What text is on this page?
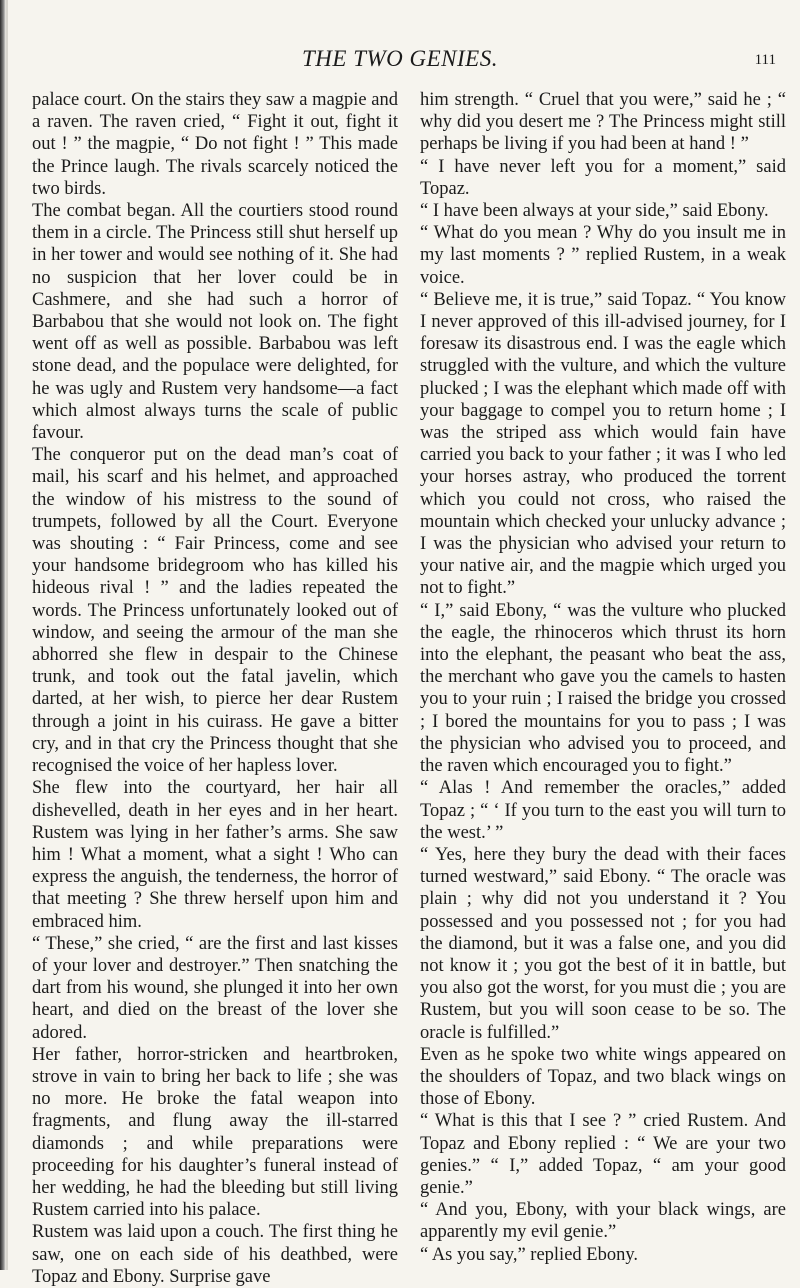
THE TWO GENIES.	111

palace court. On the stairs they saw a magpie and a raven. The raven cried, “ Fight it out, fight it out ! ” the magpie, “ Do not fight ! ” This made the Prince laugh. The rivals scarcely noticed the two birds.

The combat began. All the courtiers stood round them in a circle. The Princess still shut herself up in her tower and would see nothing of it. She had no suspicion that her lover could be in Cashmere, and she had such a horror of Barbabou that she would not look on. The fight went off as well as possible. Barbabou was left stone dead, and the populace were delighted, for he was ugly and Rustem very handsome—a fact which almost always turns the scale of public favour.

The conqueror put on the dead man’s coat of mail, his scarf and his helmet, and approached the window of his mistress to the sound of trumpets, followed by all the Court. Everyone was shouting : “ Fair Princess, come and see your handsome bridegroom who has killed his hideous rival ! ” and the ladies repeated the words. The Princess unfortunately looked out of window, and seeing the armour of the man she abhorred she flew in despair to the Chinese trunk, and took out the fatal javelin, which darted, at her wish, to pierce her dear Rustem through a joint in his cuirass. He gave a bitter cry, and in that cry the Princess thought that she recognised the voice of her hapless lover.

She flew into the courtyard, her hair all dishevelled, death in her eyes and in her heart. Rustem was lying in her father’s arms. She saw him ! What a moment, what a sight ! Who can express the anguish, the tenderness, the horror of that meeting ? She threw herself upon him and embraced him.

“ These,” she cried, “ are the first and last kisses of your lover and destroyer.” Then snatching the dart from his wound, she plunged it into her own heart, and died on the breast of the lover she adored.

Her father, horror-stricken and heartbroken, strove in vain to bring her back to life ; she was no more. He broke the fatal weapon into fragments, and flung away the ill-starred diamonds ; and while preparations were proceeding for his daughter’s funeral instead of her wedding, he had the bleeding but still living Rustem carried into his palace.

Rustem was laid upon a couch. The first thing he saw, one on each side of his deathbed, were Topaz and Ebony. Surprise gave

him strength. “ Cruel that you were,” said he ; “ why did you desert me ? The Princess might still perhaps be living if you had been at hand ! ”

“ I have never left you for a moment,” said Topaz.

“ I have been always at your side,” said Ebony.

“ What do you mean ? Why do you insult me in my last moments ? ” replied Rustem, in a weak voice.

“ Believe me, it is true,” said Topaz. “ You know I never approved of this ill-advised journey, for I foresaw its disastrous end. I was the eagle which struggled with the vulture, and which the vulture plucked ; I was the elephant which made off with your baggage to compel you to return home ; I was the striped ass which would fain have carried you back to your father ; it was I who led your horses astray, who produced the torrent which you could not cross, who raised the mountain which checked your unlucky advance ; I was the physician who advised your return to your native air, and the magpie which urged you not to fight.”

“ I,” said Ebony, “ was the vulture who plucked the eagle, the rhinoceros which thrust its horn into the elephant, the peasant who beat the ass, the merchant who gave you the camels to hasten you to your ruin ; I raised the bridge you crossed ; I bored the mountains for you to pass ; I was the physician who advised you to proceed, and the raven which encouraged you to fight.”

“ Alas ! And remember the oracles,” added Topaz ; “ ‘ If you turn to the east you will turn to the west.’ ”

“ Yes, here they bury the dead with their faces turned westward,” said Ebony. “ The oracle was plain ; why did not you understand it ? You possessed and you possessed not ; for you had the diamond, but it was a false one, and you did not know it ; you got the best of it in battle, but you also got the worst, for you must die ; you are Rustem, but you will soon cease to be so. The oracle is fulfilled.”

Even as he spoke two white wings appeared on the shoulders of Topaz, and two black wings on those of Ebony.

“ What is this that I see ? ” cried Rustem. And Topaz and Ebony replied : “ We are your two genies.” “ I,” added Topaz, “ am your good genie.”

“ And you, Ebony, with your black wings, are apparently my evil genie.”

“ As you say,” replied Ebony.
